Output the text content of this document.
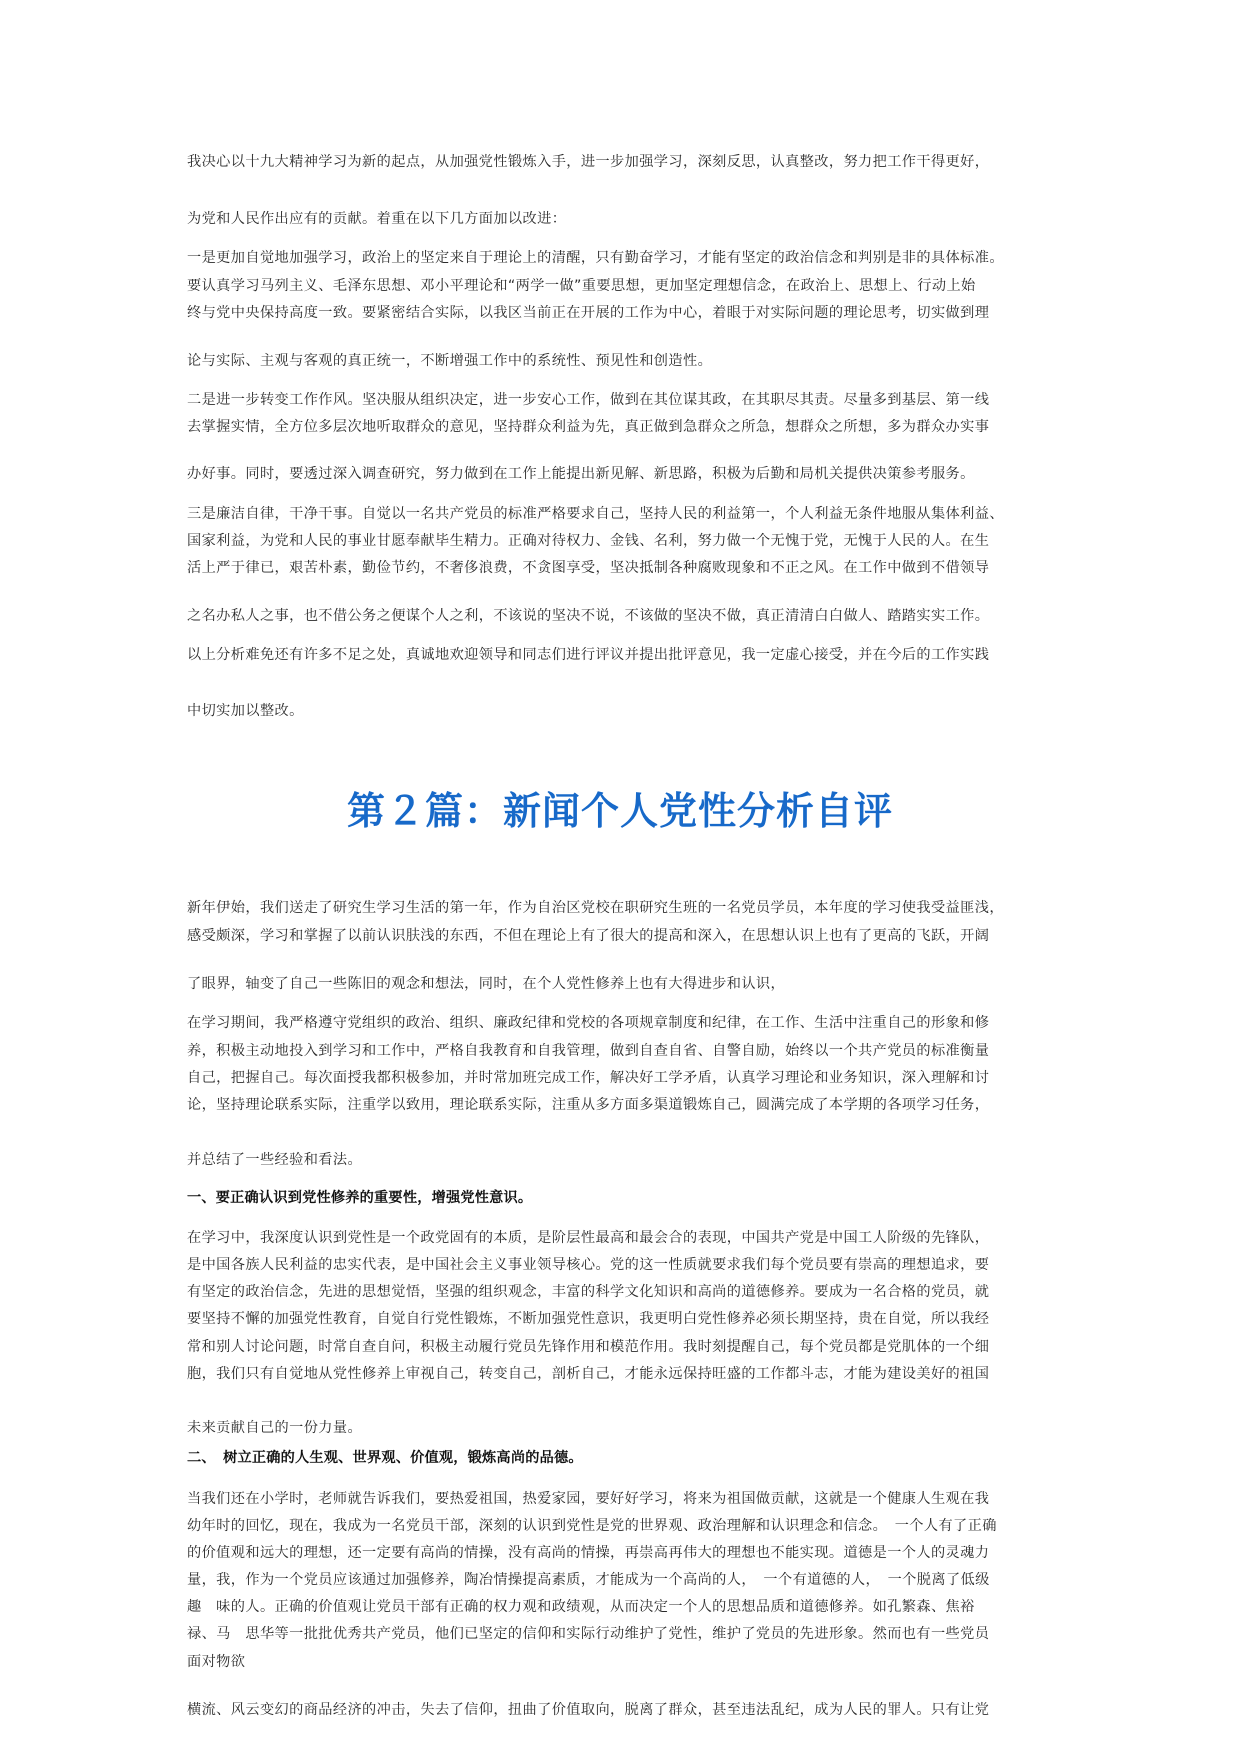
我决心以十九大精神学习为新的起点，从加强党性锻炼入手，进一步加强学习，深刻反思，认真整改，努力把工作干得更好，
为党和人民作出应有的贡献。着重在以下几方面加以改进：
一是更加自觉地加强学习，政治上的坚定来自于理论上的清醒，只有勤奋学习，才能有坚定的政治信念和判别是非的具体标准。
要认真学习马列主义、毛泽东思想、邓小平理论和“两学一做”重要思想，更加坚定理想信念，在政治上、思想上、行动上始
终与党中央保持高度一致。要紧密结合实际，以我区当前正在开展的工作为中心，着眼于对实际问题的理论思考，切实做到理
论与实际、主观与客观的真正统一，不断增强工作中的系统性、预见性和创造性。
二是进一步转变工作作风。坚决服从组织决定，进一步安心工作，做到在其位谋其政，在其职尽其责。尽量多到基层、第一线
去掌握实情，全方位多层次地听取群众的意见，坚持群众利益为先，真正做到急群众之所急，想群众之所想，多为群众办实事
办好事。同时，要透过深入调查研究，努力做到在工作上能提出新见解、新思路，积极为后勤和局机关提供决策参考服务。
三是廉洁自律，干净干事。自觉以一名共产党员的标准严格要求自己，坚持人民的利益第一，个人利益无条件地服从集体利益、
国家利益，为党和人民的事业甘愿奉献毕生精力。正确对待权力、金钱、名利，努力做一个无愧于党，无愧于人民的人。在生
活上严于律已，艰苦朴素，勤俭节约，不奢侈浪费，不贪图享受，坚决抵制各种腐败现象和不正之风。在工作中做到不借领导
之名办私人之事，也不借公务之便谋个人之利，不该说的坚决不说，不该做的坚决不做，真正清清白白做人、踏踏实实工作。
以上分析难免还有许多不足之处，真诚地欢迎领导和同志们进行评议并提出批评意见，我一定虚心接受，并在今后的工作实践
中切实加以整改。
第２篇：新闻个人党性分析自评
新年伊始，我们送走了研究生学习生活的第一年，作为自治区党校在职研究生班的一名党员学员，本年度的学习使我受益匪浅，
感受颇深，学习和掌握了以前认识肤浅的东西，不但在理论上有了很大的提高和深入，在思想认识上也有了更高的飞跃，开阔
了眼界，轴变了自己一些陈旧的观念和想法，同时，在个人党性修养上也有大得进步和认识，
在学习期间，我严格遵守党组织的政治、组织、廉政纪律和党校的各项规章制度和纪律，在工作、生活中注重自己的形象和修
养，积极主动地投入到学习和工作中，严格自我教育和自我管理，做到自查自省、自警自励，始终以一个共产党员的标准衡量
自己，把握自己。每次面授我都积极参加，并时常加班完成工作，解决好工学矛盾，认真学习理论和业务知识，深入理解和讨
论，坚持理论联系实际，注重学以致用，理论联系实际，注重从多方面多渠道锻炼自己，圆满完成了本学期的各项学习任务，
并总结了一些经验和看法。
一、要正确认识到党性修养的重要性，增强党性意识。
在学习中，我深度认识到党性是一个政党固有的本质，是阶层性最高和最会合的表现，中国共产党是中国工人阶级的先锋队，
是中国各族人民利益的忠实代表，是中国社会主义事业领导核心。党的这一性质就要求我们每个党员要有崇高的理想追求，要
有坚定的政治信念，先进的思想觉悟，坚强的组织观念，丰富的科学文化知识和高尚的道德修养。要成为一名合格的党员，就
要坚持不懈的加强党性教育，自觉自行党性锻炼，不断加强党性意识，我更明白党性修养必须长期坚持，贵在自觉，所以我经
常和别人讨论问题，时常自查自问，积极主动履行党员先锋作用和模范作用。我时刻提醒自己，每个党员都是党肌体的一个细
胞，我们只有自觉地从党性修养上审视自己，转变自己，剖析自己，才能永远保持旺盛的工作都斗志，才能为建设美好的祖国
未来贡献自己的一份力量。
二、　树立正确的人生观、世界观、价值观，锻炼高尚的品德。
当我们还在小学时，老师就告诉我们，要热爱祖国，热爱家园，要好好学习，将来为祖国做贡献，这就是一个健康人生观在我
幼年时的回忆，现在，我成为一名党员干部，深刻的认识到党性是党的世界观、政治理解和认识理念和信念。　一个人有了正确
的价值观和远大的理想，还一定要有高尚的情操，没有高尚的情操，再崇高再伟大的理想也不能实现。道德是一个人的灵魂力
量，我，作为一个党员应该通过加强修养，陶冶情操提高素质，才能成为一个高尚的人，　一个有道德的人，　一个脱离了低级
趣　味的人。正确的价值观让党员干部有正确的权力观和政绩观，从而决定一个人的思想品质和道德修养。如孔繁森、焦裕
禄、马　思华等一批批优秀共产党员，他们已坚定的信仰和实际行动维护了党性，维护了党员的先进形象。然而也有一些党员
面对物欲
横流、风云变幻的商品经济的冲击，失去了信仰，扭曲了价值取向，脱离了群众，甚至违法乱纪，成为人民的罪人。只有让党
